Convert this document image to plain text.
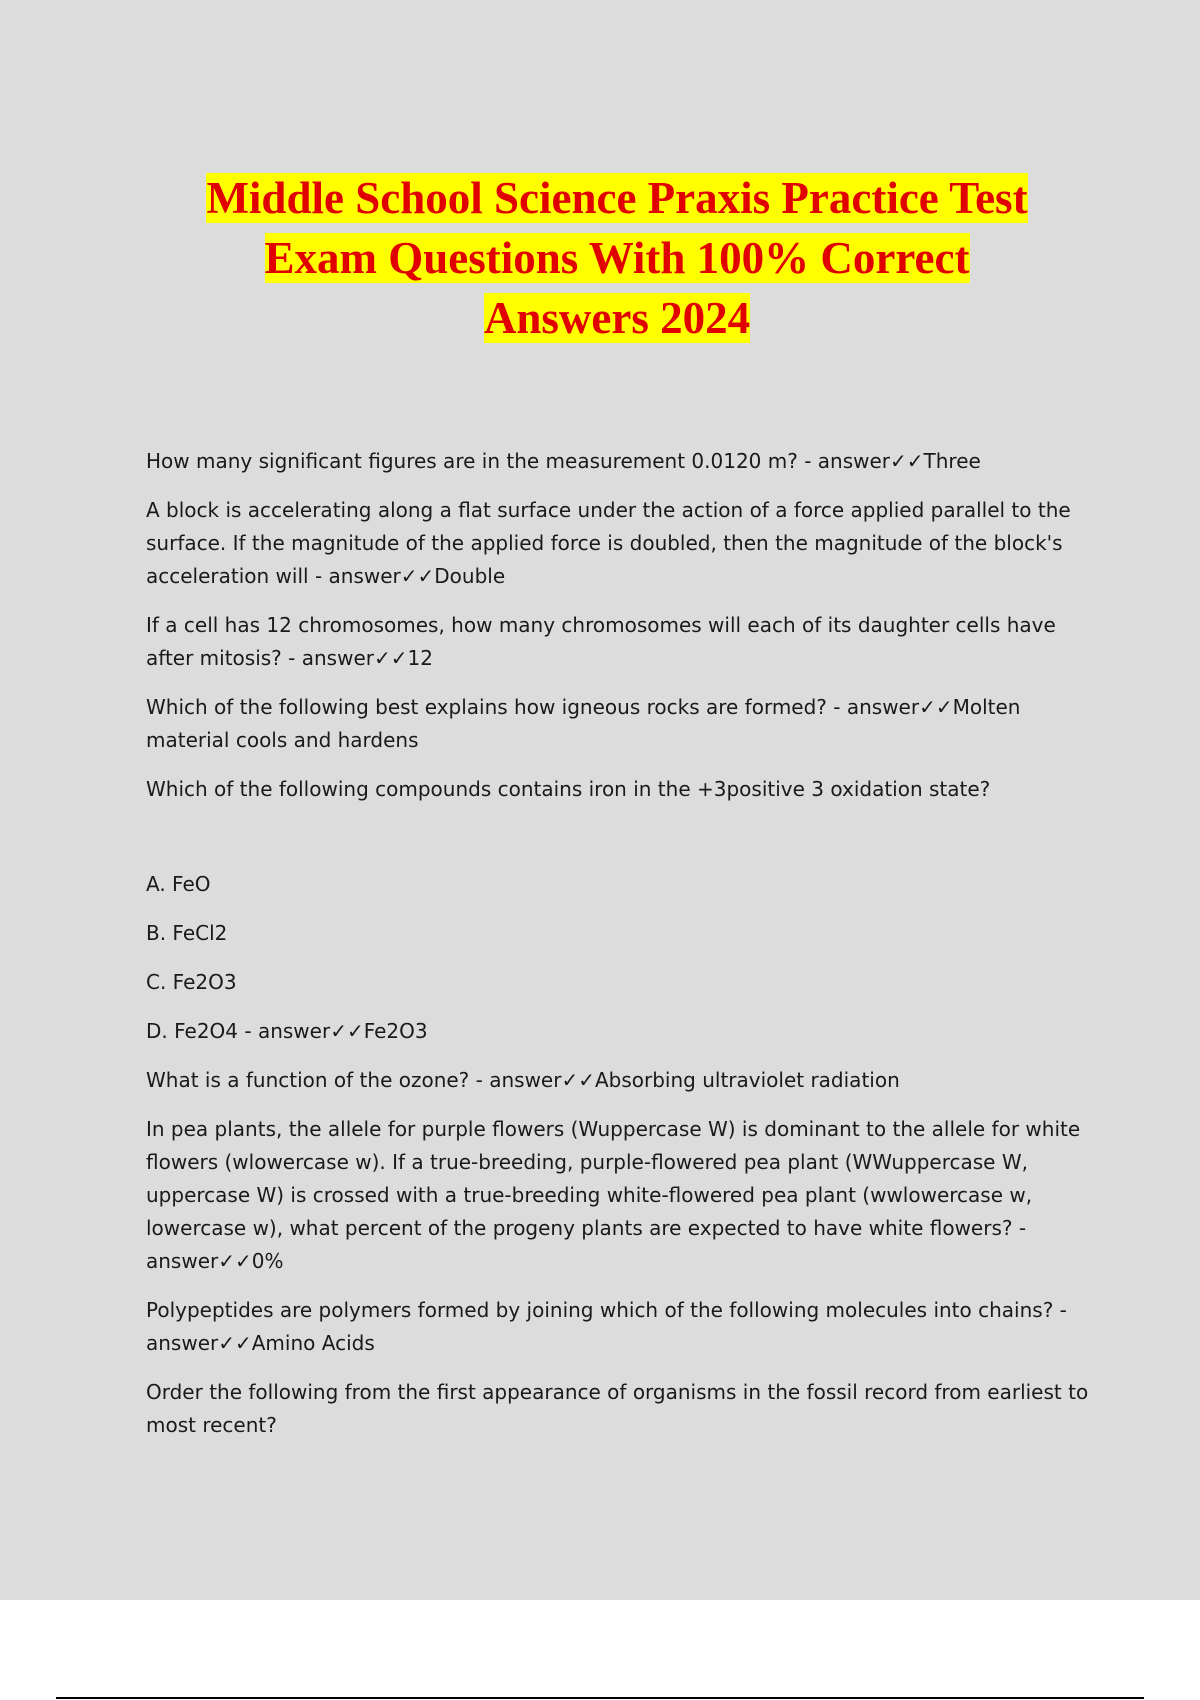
Middle School Science Praxis Practice Test
Exam Questions With 100% Correct
Answers 2024

How many significant figures are in the measurement 0.0120 m? - answer✓✓Three

A block is accelerating along a flat surface under the action of a force applied parallel to the surface. If the magnitude of the applied force is doubled, then the magnitude of the block's acceleration will - answer✓✓Double

If a cell has 12 chromosomes, how many chromosomes will each of its daughter cells have after mitosis? - answer✓✓12

Which of the following best explains how igneous rocks are formed? - answer✓✓Molten material cools and hardens

Which of the following compounds contains iron in the +3positive 3 oxidation state?

A. FeO

B. FeCl2

C. Fe2O3

D. Fe2O4 - answer✓✓Fe2O3

What is a function of the ozone? - answer✓✓Absorbing ultraviolet radiation

In pea plants, the allele for purple flowers (Wuppercase W) is dominant to the allele for white flowers (wlowercase w). If a true-breeding, purple-flowered pea plant (WWuppercase W, uppercase W) is crossed with a true-breeding white-flowered pea plant (wwlowercase w, lowercase w), what percent of the progeny plants are expected to have white flowers? - answer✓✓0%

Polypeptides are polymers formed by joining which of the following molecules into chains? - answer✓✓Amino Acids

Order the following from the first appearance of organisms in the fossil record from earliest to most recent?
